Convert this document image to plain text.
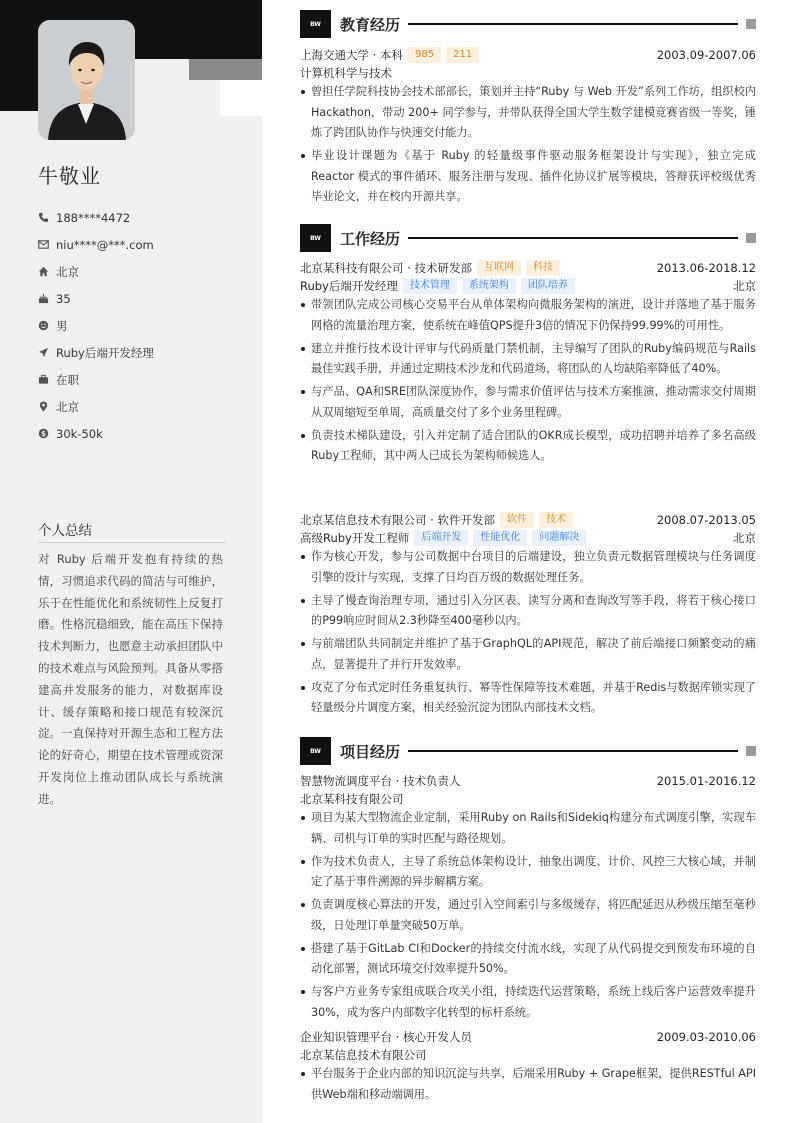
牛敬业
188****4472
niu****@***.com
北京
35
男
Ruby后端开发经理
在职
北京
$ 30k-50k
个人总结
对 Ruby 后端开发抱有持续的热情，习惯追求代码的简洁与可维护，乐于在性能优化和系统韧性上反复打磨。性格沉稳细致，能在高压下保持技术判断力，也愿意主动承担团队中的技术难点与风险预判。具备从零搭建高并发服务的能力，对数据库设计、缓存策略和接口规范有较深沉淀。一直保持对开源生态和工程方法论的好奇心，期望在技术管理或资深开发岗位上推动团队成长与系统演进。
BW	教育经历
上海交通大学 · 本科	985	211	2003.09-2007.06
计算机科学与技术
曾担任学院科技协会技术部部长，策划并主持“Ruby 与 Web 开发”系列工作坊，组织校内 Hackathon，带动 200+ 同学参与，并带队获得全国大学生数学建模竞赛省级一等奖，锤炼了跨团队协作与快速交付能力。
毕业设计课题为《基于 Ruby 的轻量级事件驱动服务框架设计与实现》，独立完成 Reactor 模式的事件循环、服务注册与发现、插件化协议扩展等模块，答辩获评校级优秀毕业论文，并在校内开源共享。
BW	工作经历
北京某科技有限公司 · 技术研发部	互联网	科技	2013.06-2018.12
Ruby后端开发经理	技术管理	系统架构	团队培养	北京
带领团队完成公司核心交易平台从单体架构向微服务架构的演进，设计并落地了基于服务网格的流量治理方案，使系统在峰值QPS提升3倍的情况下仍保持99.99%的可用性。
建立并推行技术设计评审与代码质量门禁机制，主导编写了团队的Ruby编码规范与Rails最佳实践手册，并通过定期技术沙龙和代码道场，将团队的人均缺陷率降低了40%。
与产品、QA和SRE团队深度协作，参与需求价值评估与技术方案推演，推动需求交付周期从双周缩短至单周，高质量交付了多个业务里程碑。
负责技术梯队建设，引入并定制了适合团队的OKR成长模型，成功招聘并培养了多名高级Ruby工程师，其中两人已成长为架构师候选人。
北京某信息技术有限公司 · 软件开发部	软件	技术	2008.07-2013.05
高级Ruby开发工程师	后端开发	性能优化	问题解决	北京
作为核心开发，参与公司数据中台项目的后端建设，独立负责元数据管理模块与任务调度引擎的设计与实现，支撑了日均百万级的数据处理任务。
主导了慢查询治理专项，通过引入分区表、读写分离和查询改写等手段，将若干核心接口的P99响应时间从2.3秒降至400毫秒以内。
与前端团队共同制定并维护了基于GraphQL的API规范，解决了前后端接口频繁变动的痛点，显著提升了并行开发效率。
攻克了分布式定时任务重复执行、幂等性保障等技术难题，并基于Redis与数据库锁实现了轻量级分片调度方案，相关经验沉淀为团队内部技术文档。
BW	项目经历
智慧物流调度平台 · 技术负责人	2015.01-2016.12
北京某科技有限公司
项目为某大型物流企业定制，采用Ruby on Rails和Sidekiq构建分布式调度引擎，实现车辆、司机与订单的实时匹配与路径规划。
作为技术负责人，主导了系统总体架构设计，抽象出调度、计价、风控三大核心域，并制定了基于事件溯源的异步解耦方案。
负责调度核心算法的开发，通过引入空间索引与多级缓存，将匹配延迟从秒级压缩至毫秒级，日处理订单量突破50万单。
搭建了基于GitLab CI和Docker的持续交付流水线，实现了从代码提交到预发布环境的自动化部署，测试环境交付效率提升50%。
与客户方业务专家组成联合攻关小组，持续迭代运营策略，系统上线后客户运营效率提升30%，成为客户内部数字化转型的标杆系统。
企业知识管理平台 · 核心开发人员	2009.03-2010.06
北京某信息技术有限公司
平台服务于企业内部的知识沉淀与共享，后端采用Ruby + Grape框架，提供RESTful API供Web端和移动端调用。
